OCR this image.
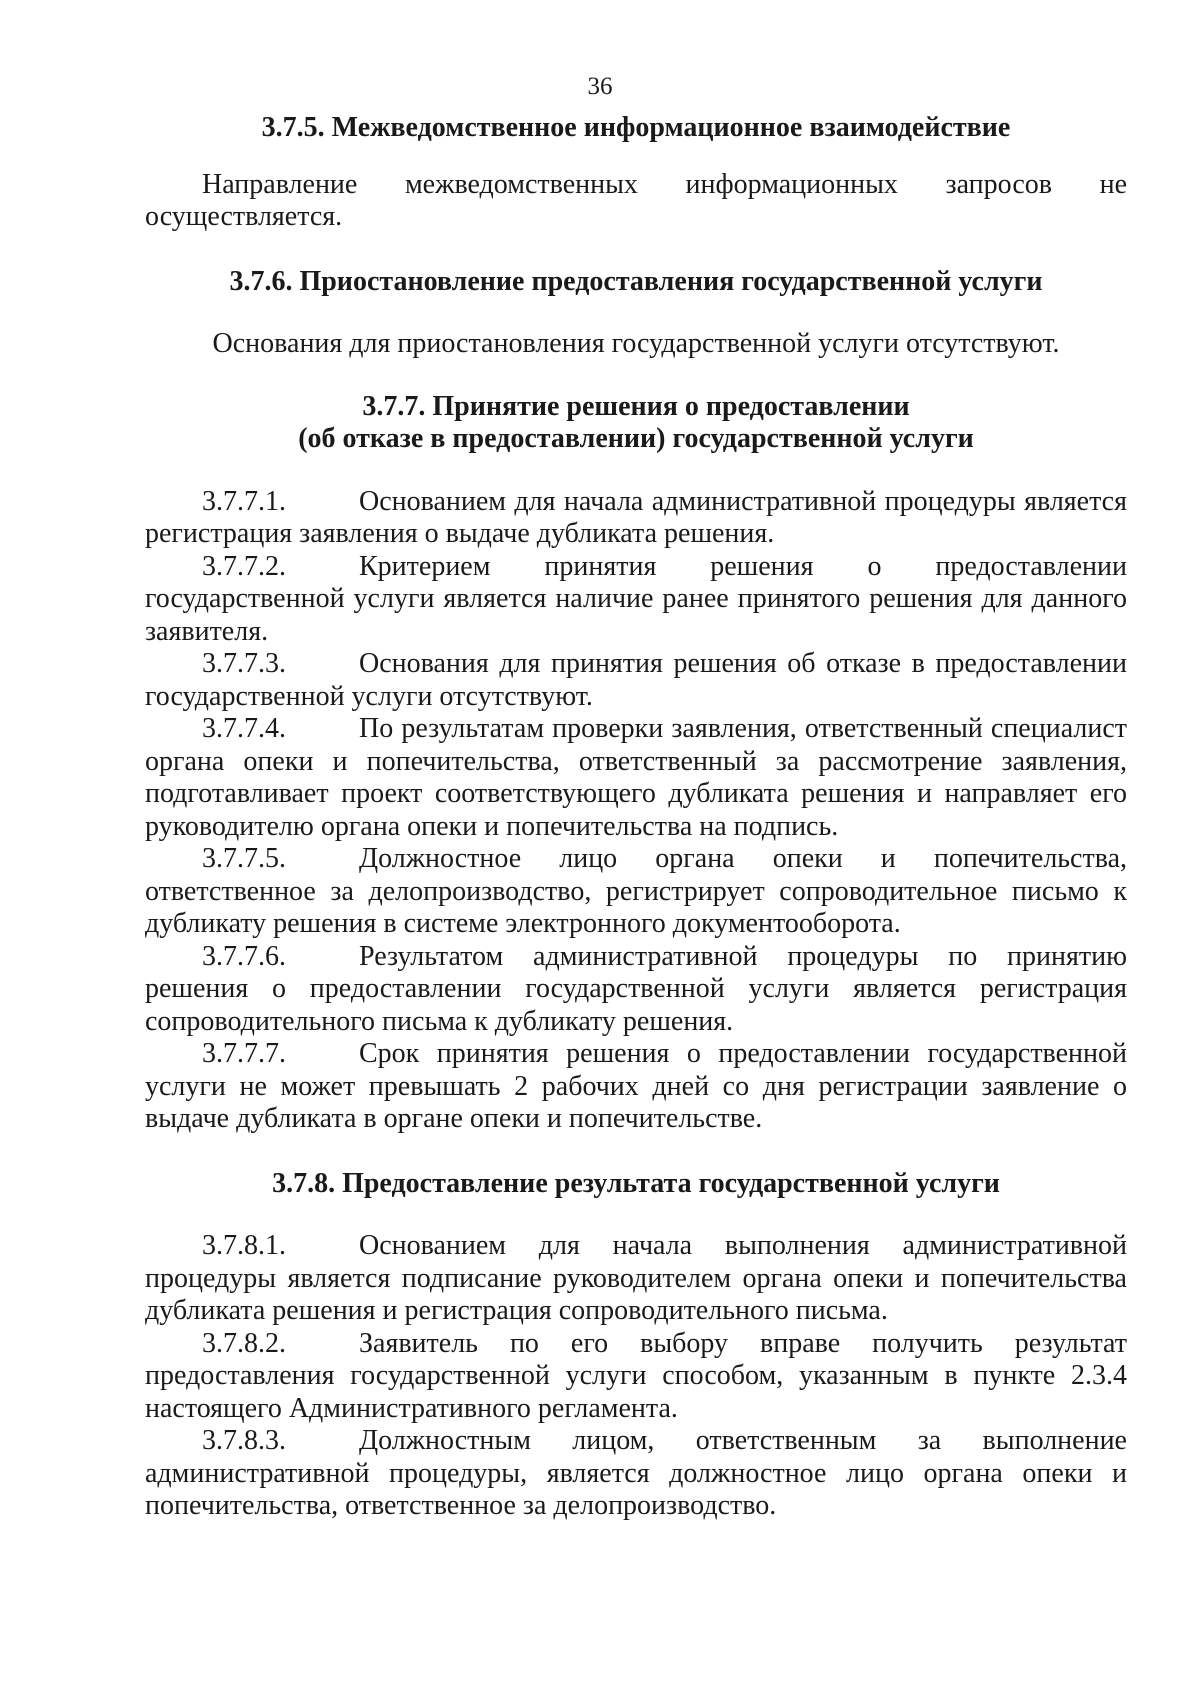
36

3.7.5. Межведомственное информационное взаимодействие

Направление межведомственных информационных запросов не осуществляется.

3.7.6. Приостановление предоставления государственной услуги

Основания для приостановления государственной услуги отсутствуют.

3.7.7. Принятие решения о предоставлении
(об отказе в предоставлении) государственной услуги

3.7.7.1.	Основанием для начала административной процедуры является регистрация заявления о выдаче дубликата решения.

3.7.7.2.	Критерием принятия решения о предоставлении государственной услуги является наличие ранее принятого решения для данного заявителя.

3.7.7.3.	Основания для принятия решения об отказе в предоставлении государственной услуги отсутствуют.

3.7.7.4.	По результатам проверки заявления, ответственный специалист органа опеки и попечительства, ответственный за рассмотрение заявления, подготавливает проект соответствующего дубликата решения и направляет его руководителю органа опеки и попечительства на подпись.

3.7.7.5.	Должностное лицо органа опеки и попечительства, ответственное за делопроизводство, регистрирует сопроводительное письмо к дубликату решения в системе электронного документооборота.

3.7.7.6.	Результатом административной процедуры по принятию решения о предоставлении государственной услуги является регистрация сопроводительного письма к дубликату решения.

3.7.7.7.	Срок принятия решения о предоставлении государственной услуги не может превышать 2 рабочих дней со дня регистрации заявление о выдаче дубликата в органе опеки и попечительстве.

3.7.8. Предоставление результата государственной услуги

3.7.8.1.	Основанием для начала выполнения административной процедуры является подписание руководителем органа опеки и попечительства дубликата решения и регистрация сопроводительного письма.

3.7.8.2.	Заявитель по его выбору вправе получить результат предоставления государственной услуги способом, указанным в пункте 2.3.4 настоящего Административного регламента.

3.7.8.3.	Должностным лицом, ответственным за выполнение административной процедуры, является должностное лицо органа опеки и попечительства, ответственное за делопроизводство.
